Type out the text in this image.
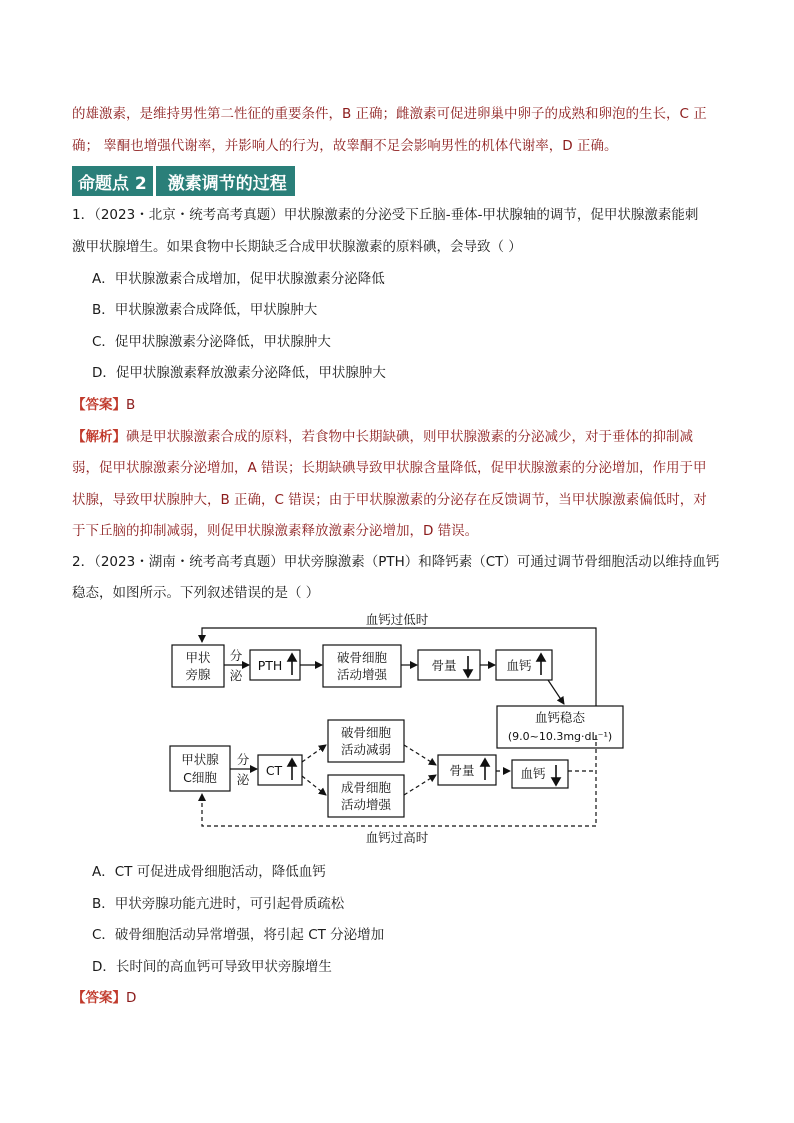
的雄激素，是维持男性第二性征的重要条件，B 正确；雌激素可促进卵巢中卵子的成熟和卵泡的生长，C 正
确； 睾酮也增强代谢率，并影响人的行为，故睾酮不足会影响男性的机体代谢率，D 正确。
命题点 2	激素调节的过程
1．（2023・北京・统考高考真题）甲状腺激素的分泌受下丘脑-垂体-甲状腺轴的调节，促甲状腺激素能刺
激甲状腺增生。如果食物中长期缺乏合成甲状腺激素的原料碘，会导致（ ）
A．甲状腺激素合成增加，促甲状腺激素分泌降低
B．甲状腺激素合成降低，甲状腺肿大
C．促甲状腺激素分泌降低，甲状腺肿大
D．促甲状腺激素释放激素分泌降低，甲状腺肿大
【答案】B
【解析】碘是甲状腺激素合成的原料，若食物中长期缺碘，则甲状腺激素的分泌减少，对于垂体的抑制减
弱，促甲状腺激素分泌增加，A 错误；长期缺碘导致甲状腺含量降低，促甲状腺激素的分泌增加，作用于甲
状腺，导致甲状腺肿大，B 正确，C 错误；由于甲状腺激素的分泌存在反馈调节，当甲状腺激素偏低时，对
于下丘脑的抑制减弱，则促甲状腺激素释放激素分泌增加，D 错误。
2．（2023・湖南・统考高考真题）甲状旁腺激素（PTH）和降钙素（CT）可通过调节骨细胞活动以维持血钙
稳态，如图所示。下列叙述错误的是（ ）
血钙过低时
血钙过高时
甲状
旁腺
分
泌
PTH
破骨细胞
活动增强
骨量	血钙
血钙稳态
(9.0~10.3mg·dL⁻¹)
甲状腺
C细胞
分
泌
CT
破骨细胞
活动减弱
成骨细胞
活动增强
骨量	血钙
A．CT 可促进成骨细胞活动，降低血钙
B．甲状旁腺功能亢进时，可引起骨质疏松
C．破骨细胞活动异常增强，将引起 CT 分泌增加
D．长时间的高血钙可导致甲状旁腺增生
【答案】D
